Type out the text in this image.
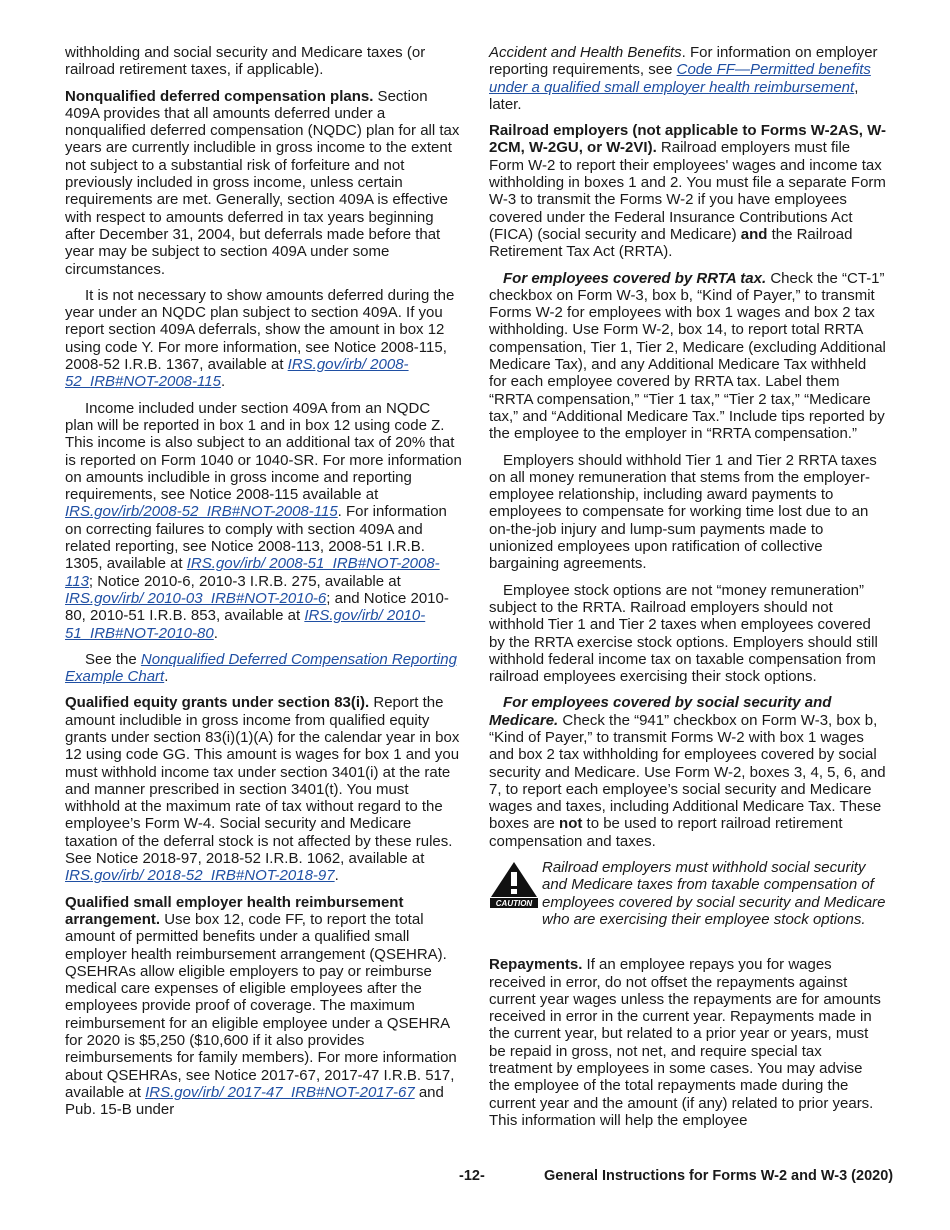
withholding and social security and Medicare taxes (or railroad retirement taxes, if applicable).

Nonqualified deferred compensation plans. Section 409A provides that all amounts deferred under a nonqualified deferred compensation (NQDC) plan for all tax years are currently includible in gross income to the extent not subject to a substantial risk of forfeiture and not previously included in gross income, unless certain requirements are met. Generally, section 409A is effective with respect to amounts deferred in tax years beginning after December 31, 2004, but deferrals made before that year may be subject to section 409A under some circumstances.

It is not necessary to show amounts deferred during the year under an NQDC plan subject to section 409A. If you report section 409A deferrals, show the amount in box 12 using code Y. For more information, see Notice 2008-115, 2008-52 I.R.B. 1367, available at IRS.gov/irb/ 2008-52_IRB#NOT-2008-115.

Income included under section 409A from an NQDC plan will be reported in box 1 and in box 12 using code Z. This income is also subject to an additional tax of 20% that is reported on Form 1040 or 1040-SR. For more information on amounts includible in gross income and reporting requirements, see Notice 2008-115 available at IRS.gov/irb/2008-52_IRB#NOT-2008-115. For information on correcting failures to comply with section 409A and related reporting, see Notice 2008-113, 2008-51 I.R.B. 1305, available at IRS.gov/irb/ 2008-51_IRB#NOT-2008-113; Notice 2010-6, 2010-3 I.R.B. 275, available at IRS.gov/irb/ 2010-03_IRB#NOT-2010-6; and Notice 2010-80, 2010-51 I.R.B. 853, available at IRS.gov/irb/ 2010-51_IRB#NOT-2010-80.

See the Nonqualified Deferred Compensation Reporting Example Chart.

Qualified equity grants under section 83(i). Report the amount includible in gross income from qualified equity grants under section 83(i)(1)(A) for the calendar year in box 12 using code GG. This amount is wages for box 1 and you must withhold income tax under section 3401(i) at the rate and manner prescribed in section 3401(t). You must withhold at the maximum rate of tax without regard to the employee’s Form W-4. Social security and Medicare taxation of the deferral stock is not affected by these rules. See Notice 2018-97, 2018-52 I.R.B. 1062, available at IRS.gov/irb/ 2018-52_IRB#NOT-2018-97.

Qualified small employer health reimbursement arrangement. Use box 12, code FF, to report the total amount of permitted benefits under a qualified small employer health reimbursement arrangement (QSEHRA). QSEHRAs allow eligible employers to pay or reimburse medical care expenses of eligible employees after the employees provide proof of coverage. The maximum reimbursement for an eligible employee under a QSEHRA for 2020 is $5,250 ($10,600 if it also provides reimbursements for family members). For more information about QSEHRAs, see Notice 2017-67, 2017-47 I.R.B. 517, available at IRS.gov/irb/ 2017-47_IRB#NOT-2017-67 and Pub. 15-B under

Accident and Health Benefits. For information on employer reporting requirements, see Code FF—Permitted benefits under a qualified small employer health reimbursement, later.

Railroad employers (not applicable to Forms W-2AS, W-2CM, W-2GU, or W-2VI). Railroad employers must file Form W-2 to report their employees' wages and income tax withholding in boxes 1 and 2. You must file a separate Form W-3 to transmit the Forms W-2 if you have employees covered under the Federal Insurance Contributions Act (FICA) (social security and Medicare) and the Railroad Retirement Tax Act (RRTA).

For employees covered by RRTA tax. Check the “CT-1” checkbox on Form W-3, box b, “Kind of Payer,” to transmit Forms W-2 for employees with box 1 wages and box 2 tax withholding. Use Form W-2, box 14, to report total RRTA compensation, Tier 1, Tier 2, Medicare (excluding Additional Medicare Tax), and any Additional Medicare Tax withheld for each employee covered by RRTA tax. Label them “RRTA compensation,” “Tier 1 tax,” “Tier 2 tax,” “Medicare tax,” and “Additional Medicare Tax.” Include tips reported by the employee to the employer in “RRTA compensation.”

Employers should withhold Tier 1 and Tier 2 RRTA taxes on all money remuneration that stems from the employer-employee relationship, including award payments to employees to compensate for working time lost due to an on-the-job injury and lump-sum payments made to unionized employees upon ratification of collective bargaining agreements.

Employee stock options are not “money remuneration” subject to the RRTA. Railroad employers should not withhold Tier 1 and Tier 2 taxes when employees covered by the RRTA exercise stock options. Employers should still withhold federal income tax on taxable compensation from railroad employees exercising their stock options.

For employees covered by social security and Medicare. Check the “941” checkbox on Form W-3, box b, “Kind of Payer,” to transmit Forms W-2 with box 1 wages and box 2 tax withholding for employees covered by social security and Medicare. Use Form W-2, boxes 3, 4, 5, 6, and 7, to report each employee’s social security and Medicare wages and taxes, including Additional Medicare Tax. These boxes are not to be used to report railroad retirement compensation and taxes.

CAUTION
Railroad employers must withhold social security and Medicare taxes from taxable compensation of employees covered by social security and Medicare who are exercising their employee stock options.

Repayments. If an employee repays you for wages received in error, do not offset the repayments against current year wages unless the repayments are for amounts received in error in the current year. Repayments made in the current year, but related to a prior year or years, must be repaid in gross, not net, and require special tax treatment by employees in some cases. You may advise the employee of the total repayments made during the current year and the amount (if any) related to prior years. This information will help the employee

-12-	General Instructions for Forms W-2 and W-3 (2020)
